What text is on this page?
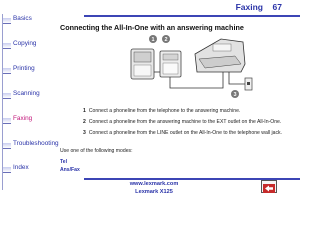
Basics
Copying
Printing
Scanning
Faxing
Troubleshooting
Index
Faxing 67
Connecting the All-In-One with an answering machine
1 2
3
1 Connect a phoneline from the telephone to the answering machine.
2 Connect a phoneline from the answering machine to the EXT outlet on the All-In-One.
3 Connect a phoneline from the LINE outlet on the All-In-One to the telephone wall jack.
Use one of the following modes:
Tel
Ans/Fax
www.lexmark.com
Lexmark X125
